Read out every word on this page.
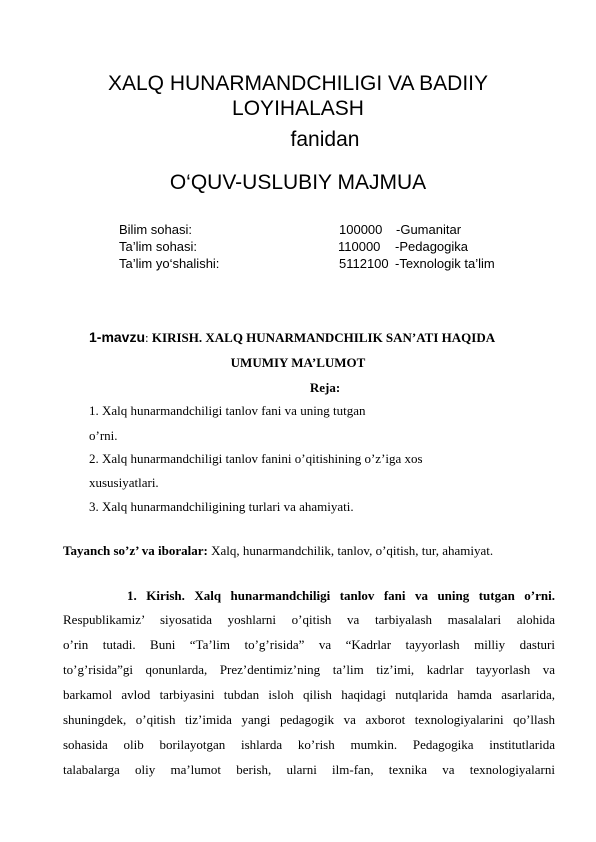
XALQ HUNARMANDCHILIGI VA BADIIY
LOYIHALASH
fanidan
O‘QUV-USLUBIY MAJMUA
Bilim sohasi:	100000 -Gumanitar
Ta’lim sohasi:	110000 -Pedagogika
Ta’lim yo‘shalishi:	5112100 -Texnologik ta’lim
1-mavzu: KIRISH. XALQ HUNARMANDCHILIK SAN’ATI HAQIDA
UMUMIY MA’LUMOT
Reja:
1. Xalq hunarmandchiligi tanlov fani va uning tutgan
o’rni.
2. Xalq hunarmandchiligi tanlov fanini o’qitishining o’z’iga xos
xususiyatlari.
3. Xalq hunarmandchiligining turlari va ahamiyati.
Tayanch so’z’ va iboralar: Xalq, hunarmandchilik, tanlov, o’qitish, tur, ahamiyat.
1. Kirish. Xalq hunarmandchiligi tanlov fani va uning tutgan o’rni.
Respublikamiz’ siyosatida yoshlarni o’qitish va tarbiyalash masalalari alohida
o’rin tutadi. Buni “Ta’lim to’g’risida” va “Kadrlar tayyorlash milliy dasturi
to’g’risida”gi qonunlarda, Prez’dentimiz’ning ta’lim tiz’imi, kadrlar tayyorlash va
barkamol avlod tarbiyasini tubdan isloh qilish haqidagi nutqlarida hamda asarlarida,
shuningdek, o’qitish tiz’imida yangi pedagogik va axborot texnologiyalarini qo’llash
sohasida olib borilayotgan ishlarda ko’rish mumkin. Pedagogika institutlarida
talabalarga oliy ma’lumot berish, ularni ilm-fan, texnika va texnologiyalarni
